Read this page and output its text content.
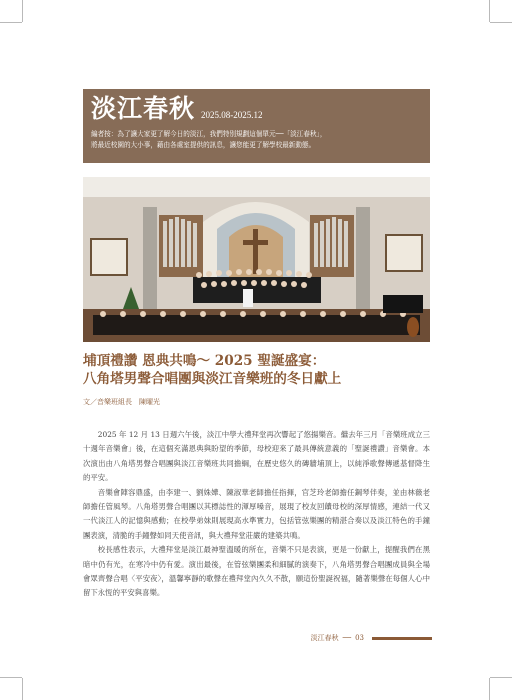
淡江春秋 2025.08-2025.12
編者按：為了讓大家更了解今日的淡江，我們特別規劃這個單元──「淡江春秋」，
將最近校園的大小事，藉由各處室提供的訊息，讓您能更了解學校最新動態。
埔頂禮讚 恩典共鳴～ 2025 聖誕盛宴：
八角塔男聲合唱團與淡江音樂班的冬日獻上
文／音樂班組長　陳曜光

2025 年 12 月 13 日週六午後，淡江中學大禮拜堂再次響起了悠揚樂音。繼去年三月「音樂班成立三十週年音樂會」後，在這個充滿恩典與盼望的季節，母校迎來了最具傳統意義的「聖誕禮讚」音樂會。本次演出由八角塔男聲合唱團與淡江音樂班共同擔綱，在歷史悠久的磚牆埔頂上，以純淨歌聲傳遞基督降生的平安。

音樂會陣容鼎盛，由李建一、劉姝嬅、陳淑華老師擔任指揮，官芝玲老師擔任鋼琴伴奏，並由林薇老師擔任管風琴。八角塔男聲合唱團以其標誌性的渾厚嗓音，展現了校友回饋母校的深厚情感，連結一代又一代淡江人的記憶與感動；在校學弟妹則展現高水準實力，包括管弦樂團的精湛合奏以及淡江特色的手鐘團表演，清脆的手鐘聲如同天使音訊，與大禮拜堂莊嚴的建築共鳴。

校長感性表示，大禮拜堂是淡江最神聖溫暖的所在，音樂不只是表演，更是一份獻上，提醒我們在黑暗中仍有光，在寒冷中仍有愛。演出最後，在管弦樂團柔和細膩的演奏下，八角塔男聲合唱團成員與全場會眾齊聲合唱〈平安夜〉，溫馨寧靜的歌聲在禮拜堂內久久不散，願這份聖誕祝福，隨著樂聲在每個人心中留下永恆的平安與喜樂。

淡江春秋 ── 03
